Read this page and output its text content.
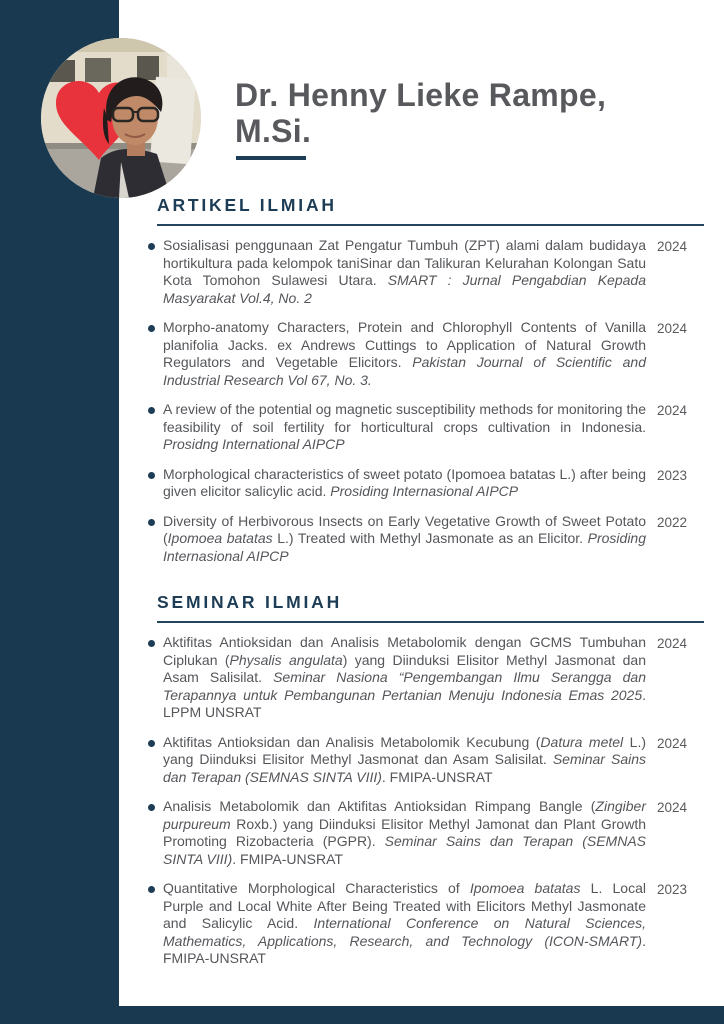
Dr. Henny Lieke Rampe,
M.Si.
ARTIKEL ILMIAH

Sosialisasi penggunaan Zat Pengatur Tumbuh (ZPT) alami dalam budidaya hortikultura pada kelompok taniSinar dan Talikuran Kelurahan Kolongan Satu Kota Tomohon Sulawesi Utara. SMART : Jurnal Pengabdian Kepada Masyarakat Vol.4, No. 2

2024

Morpho-anatomy Characters, Protein and Chlorophyll Contents of Vanilla planifolia Jacks. ex Andrews Cuttings to Application of Natural Growth Regulators and Vegetable Elicitors. Pakistan Journal of Scientific and Industrial Research Vol 67, No. 3.

2024

A review of the potential og magnetic susceptibility methods for monitoring the feasibility of soil fertility for horticultural crops cultivation in Indonesia. Prosidng International AIPCP

2024

Morphological characteristics of sweet potato (Ipomoea batatas L.) after being given elicitor salicylic acid. Prosiding Internasional AIPCP

2023

Diversity of Herbivorous Insects on Early Vegetative Growth of Sweet Potato (Ipomoea batatas L.) Treated with Methyl Jasmonate as an Elicitor. Prosiding Internasional AIPCP

2022
SEMINAR ILMIAH

Aktifitas Antioksidan dan Analisis Metabolomik dengan GCMS Tumbuhan Ciplukan (Physalis angulata) yang Diinduksi Elisitor Methyl Jasmonat dan Asam Salisilat. Seminar Nasiona “Pengembangan Ilmu Serangga dan Terapannya untuk Pembangunan Pertanian Menuju Indonesia Emas 2025. LPPM UNSRAT

2024

Aktifitas Antioksidan dan Analisis Metabolomik Kecubung (Datura metel L.) yang Diinduksi Elisitor Methyl Jasmonat dan Asam Salisilat. Seminar Sains dan Terapan (SEMNAS SINTA VIII). FMIPA-UNSRAT

2024

Analisis Metabolomik dan Aktifitas Antioksidan Rimpang Bangle (Zingiber purpureum Roxb.) yang Diinduksi Elisitor Methyl Jamonat dan Plant Growth Promoting Rizobacteria (PGPR). Seminar Sains dan Terapan (SEMNAS SINTA VIII). FMIPA-UNSRAT

2024

Quantitative Morphological Characteristics of Ipomoea batatas L. Local Purple and Local White After Being Treated with Elicitors Methyl Jasmonate and Salicylic Acid. International Conference on Natural Sciences, Mathematics, Applications, Research, and Technology (ICON-SMART). FMIPA-UNSRAT

2023
